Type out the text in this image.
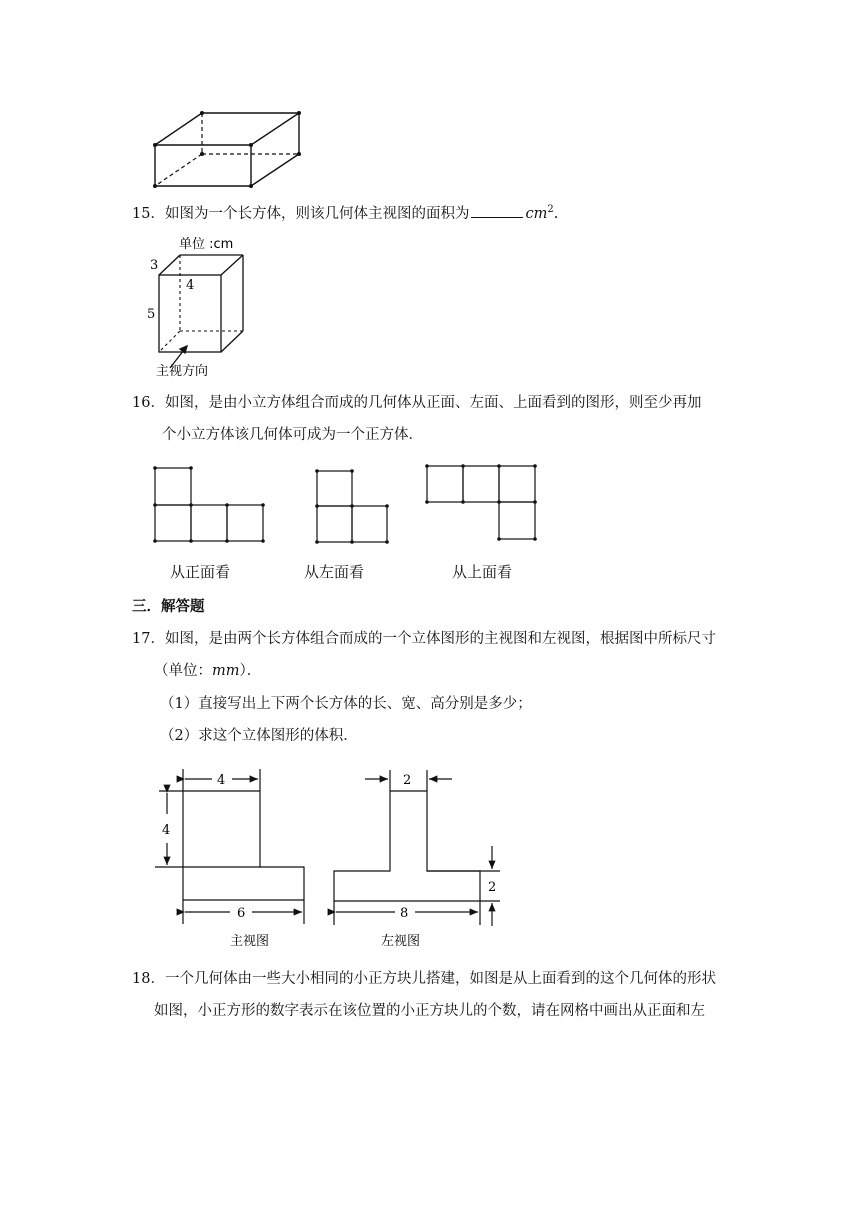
15．如图为一个长方体，则该几何体主视图的面积为	$cm^2$.
单位 :cm
3
4
5
主视方向
16．如图，是由小立方体组合而成的几何体从正面、左面、上面看到的图形，则至少再加
个小立方体该几何体可成为一个正方体．
从正面看	从左面看	从上面看
三．解答题
17．如图，是由两个长方体组合而成的一个立体图形的主视图和左视图，根据图中所标尺寸
（单位：mm）．
（1）直接写出上下两个长方体的长、宽、高分别是多少；
（2）求这个立体图形的体积．
4
4
6
2
2
8
主视图	左视图
18．一个几何体由一些大小相同的小正方块儿搭建，如图是从上面看到的这个几何体的形状
如图，小正方形的数字表示在该位置的小正方块儿的个数，请在网格中画出从正面和左
